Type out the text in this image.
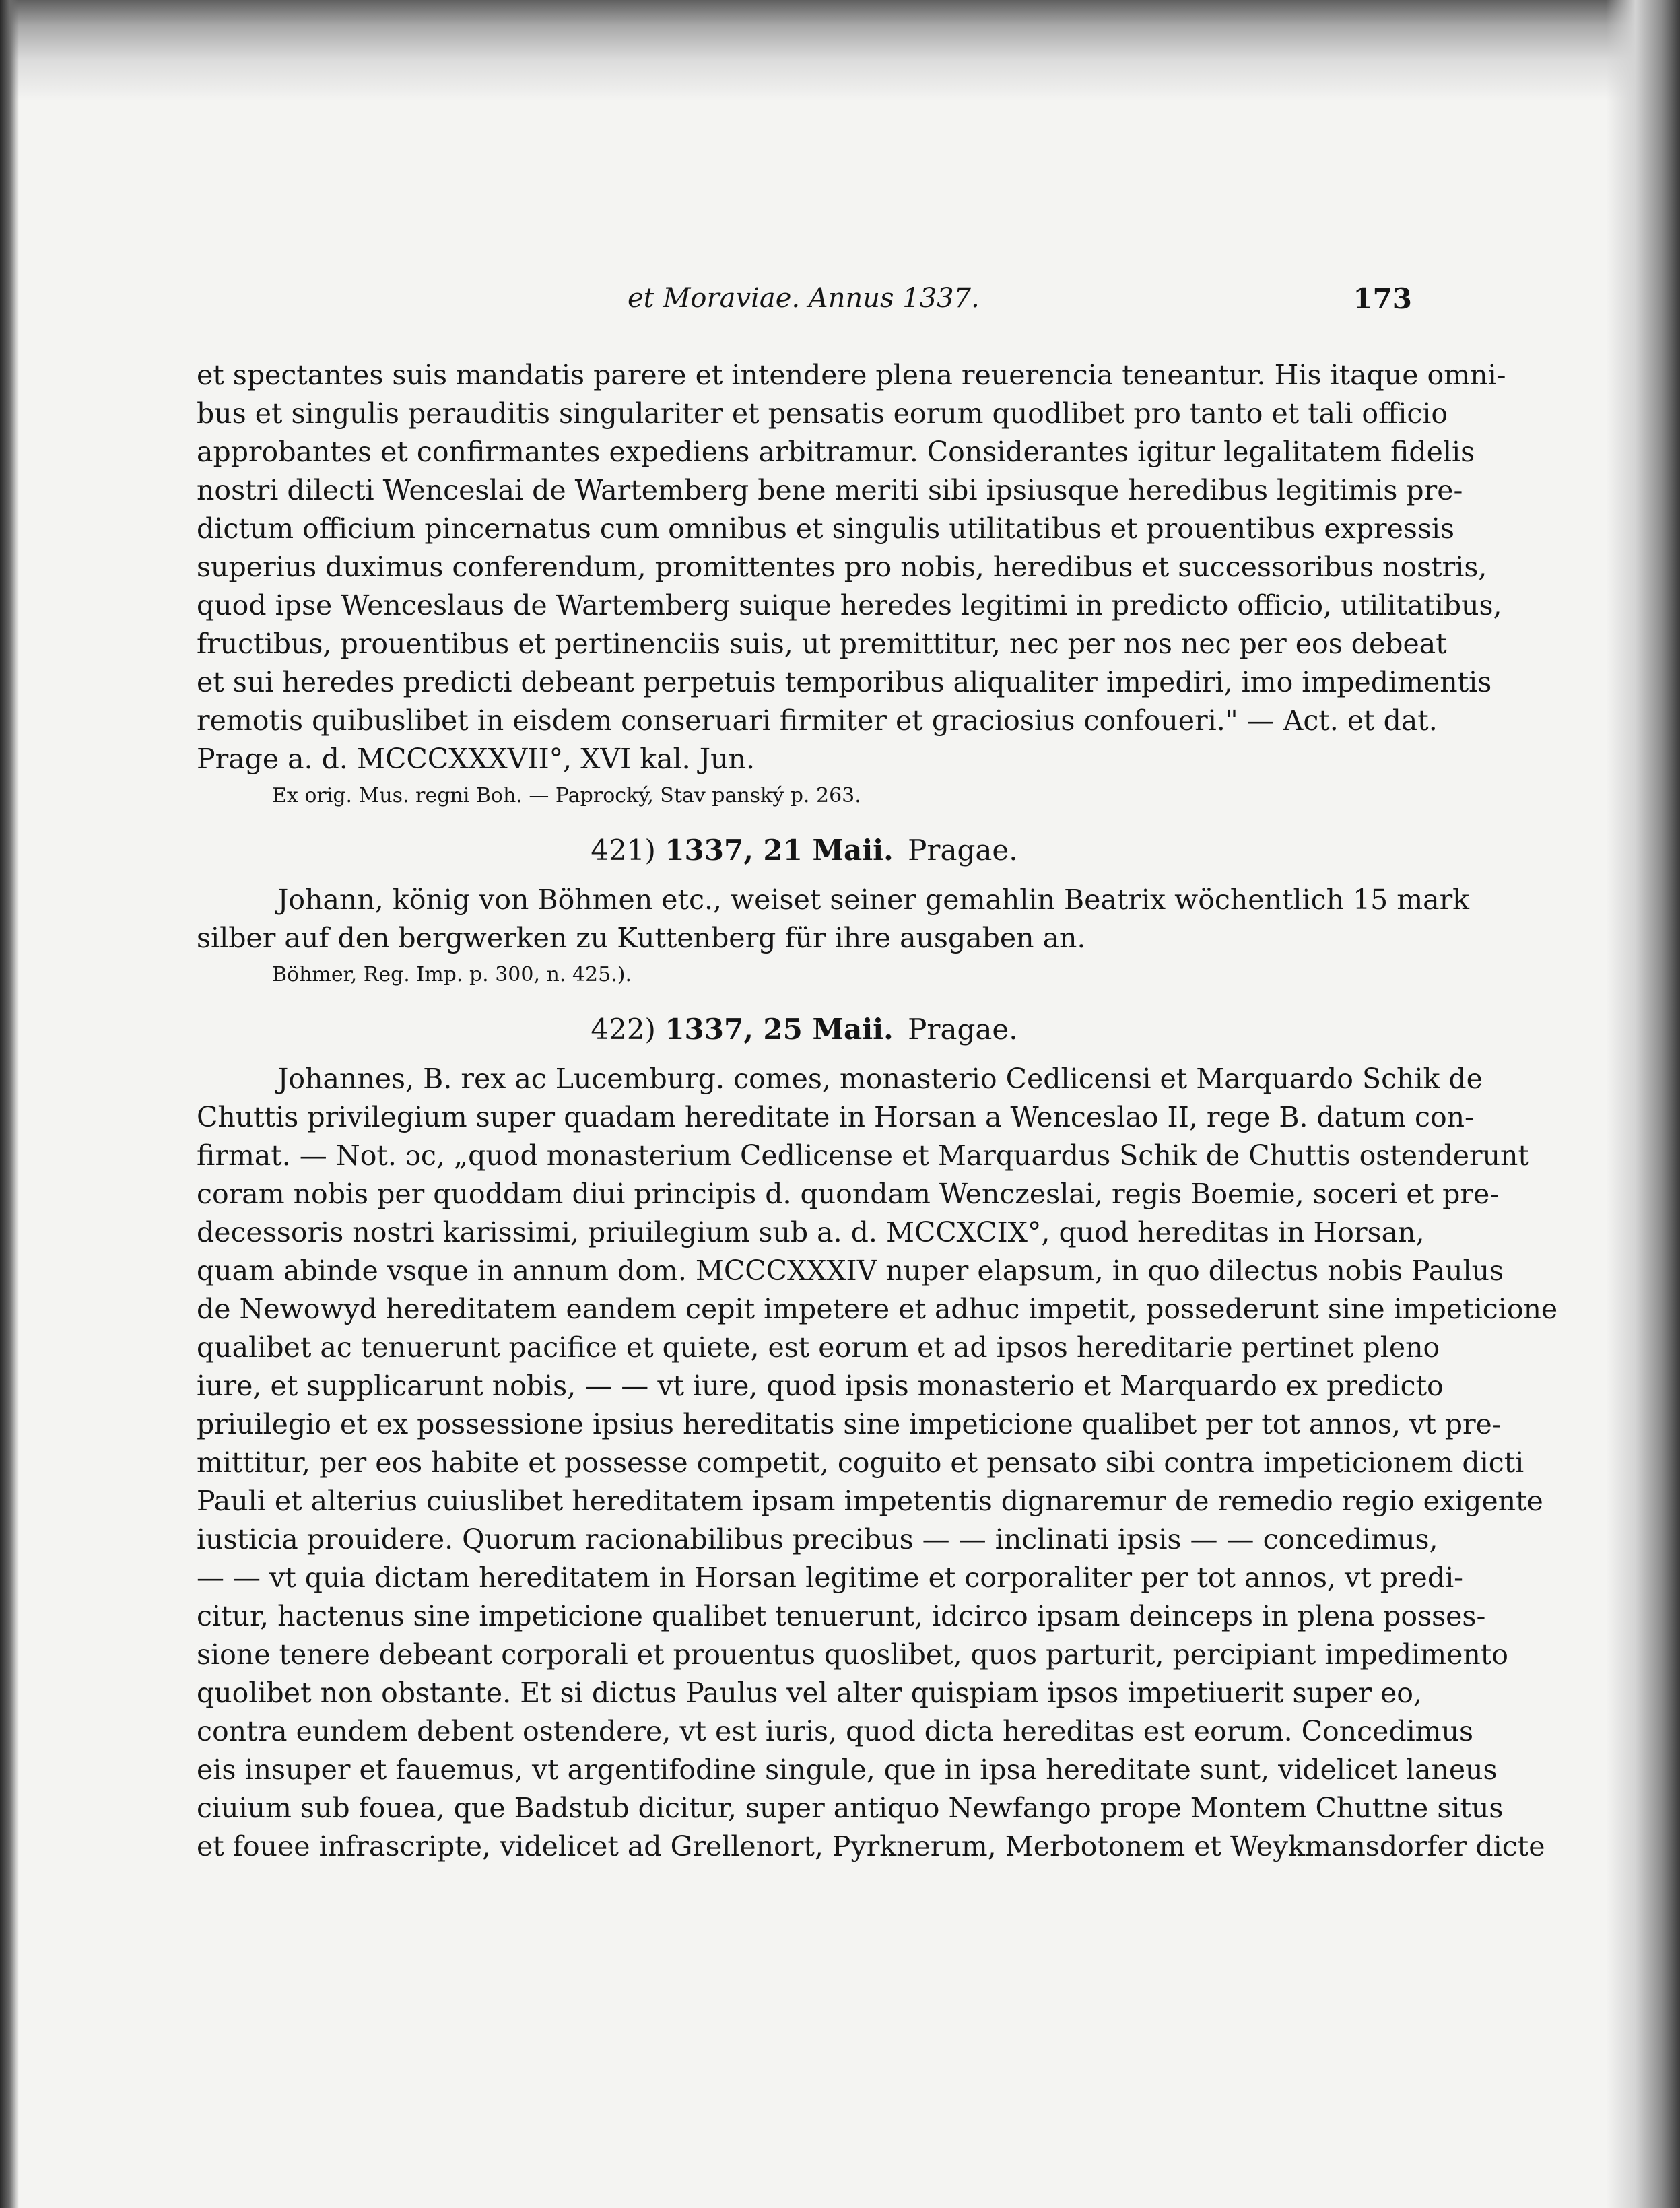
et Moraviae. Annus 1337.	173

et spectantes suis mandatis parere et intendere plena reuerencia teneantur. His itaque omni-

bus et singulis perauditis singulariter et pensatis eorum quodlibet pro tanto et tali officio

approbantes et confirmantes expediens arbitramur. Considerantes igitur legalitatem fidelis

nostri dilecti Wenceslai de Wartemberg bene meriti sibi ipsiusque heredibus legitimis pre-

dictum officium pincernatus cum omnibus et singulis utilitatibus et prouentibus expressis

superius duximus conferendum, promittentes pro nobis, heredibus et successoribus nostris,

quod ipse Wenceslaus de Wartemberg suique heredes legitimi in predicto officio, utilitatibus,

fructibus, prouentibus et pertinenciis suis, ut premittitur, nec per nos nec per eos debeat

et sui heredes predicti debeant perpetuis temporibus aliqualiter impediri, imo impedimentis

remotis quibuslibet in eisdem conseruari firmiter et graciosius confoueri." — Act. et dat.

Prage a. d. MCCCXXXVII°, XVI kal. Jun.

Ex orig. Mus. regni Boh. — Paprocký, Stav panský p. 263.
421) 1337, 21 Maii. Pragae.

Johann, könig von Böhmen etc., weiset seiner gemahlin Beatrix wöchentlich 15 mark

silber auf den bergwerken zu Kuttenberg für ihre ausgaben an.

Böhmer, Reg. Imp. p. 300, n. 425.).
422) 1337, 25 Maii. Pragae.

Johannes, B. rex ac Lucemburg. comes, monasterio Cedlicensi et Marquardo Schik de

Chuttis privilegium super quadam hereditate in Horsan a Wenceslao II, rege B. datum con-

firmat. — Not. ɔc, „quod monasterium Cedlicense et Marquardus Schik de Chuttis ostenderunt

coram nobis per quoddam diui principis d. quondam Wenczeslai, regis Boemie, soceri et pre-

decessoris nostri karissimi, priuilegium sub a. d. MCCXCIX°, quod hereditas in Horsan,

quam abinde vsque in annum dom. MCCCXXXIV nuper elapsum, in quo dilectus nobis Paulus

de Newowyd hereditatem eandem cepit impetere et adhuc impetit, possederunt sine impeticione

qualibet ac tenuerunt pacifice et quiete, est eorum et ad ipsos hereditarie pertinet pleno

iure, et supplicarunt nobis, — — vt iure, quod ipsis monasterio et Marquardo ex predicto

priuilegio et ex possessione ipsius hereditatis sine impeticione qualibet per tot annos, vt pre-

mittitur, per eos habite et possesse competit, coguito et pensato sibi contra impeticionem dicti

Pauli et alterius cuiuslibet hereditatem ipsam impetentis dignaremur de remedio regio exigente

iusticia prouidere. Quorum racionabilibus precibus — — inclinati ipsis — — concedimus,

— — vt quia dictam hereditatem in Horsan legitime et corporaliter per tot annos, vt predi-

citur, hactenus sine impeticione qualibet tenuerunt, idcirco ipsam deinceps in plena posses-

sione tenere debeant corporali et prouentus quoslibet, quos parturit, percipiant impedimento

quolibet non obstante. Et si dictus Paulus vel alter quispiam ipsos impetiuerit super eo,

contra eundem debent ostendere, vt est iuris, quod dicta hereditas est eorum. Concedimus

eis insuper et fauemus, vt argentifodine singule, que in ipsa hereditate sunt, videlicet laneus

ciuium sub fouea, que Badstub dicitur, super antiquo Newfango prope Montem Chuttne situs

et fouee infrascripte, videlicet ad Grellenort, Pyrknerum, Merbotonem et Weykmansdorfer dicte
